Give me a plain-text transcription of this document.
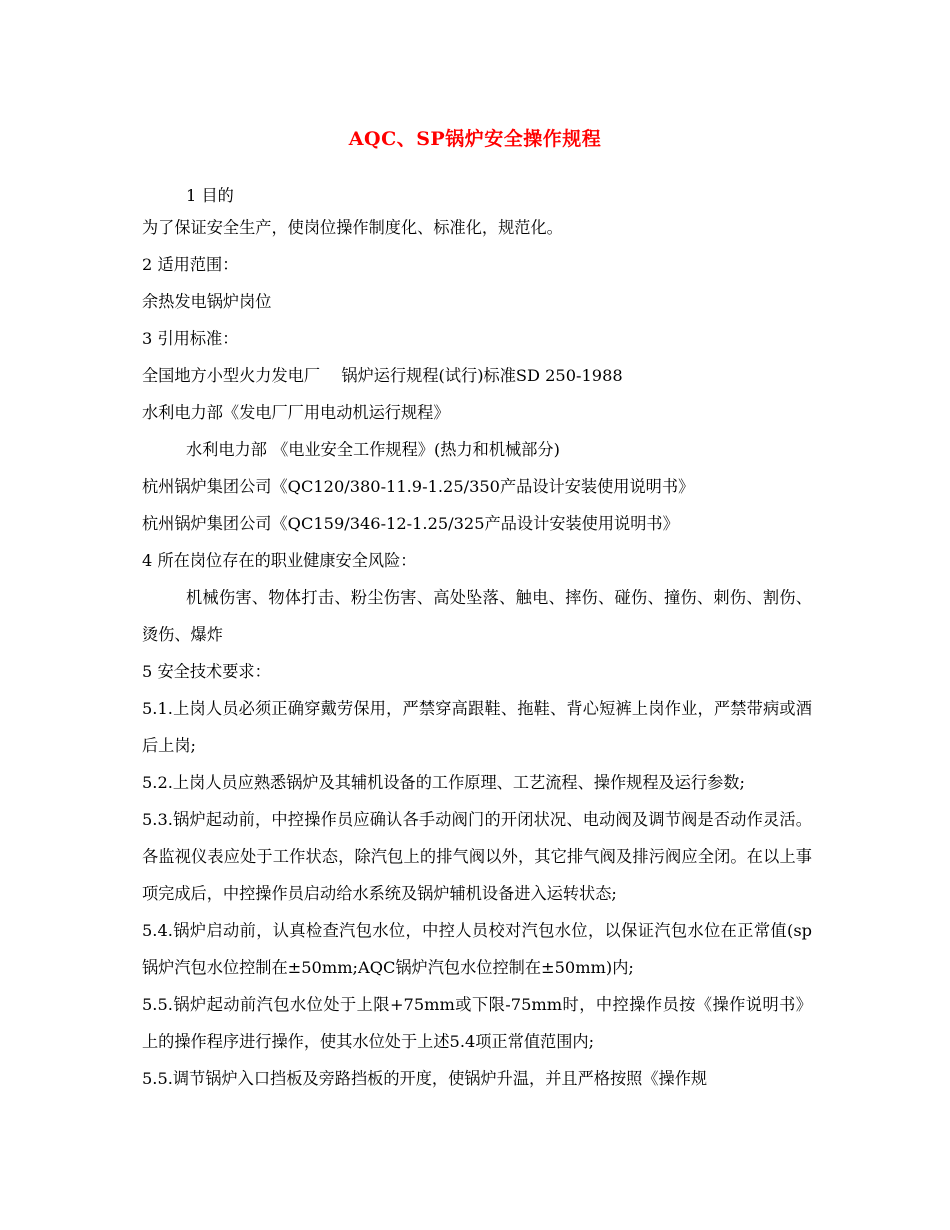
AQC、SP锅炉安全操作规程
1 目的
为了保证安全生产，使岗位操作制度化、标准化，规范化。
2 适用范围：
余热发电锅炉岗位
3 引用标准：
全国地方小型火力发电厂　 锅炉运行规程(试行)标准SD 250-1988
水利电力部《发电厂厂用电动机运行规程》
水利电力部 《电业安全工作规程》(热力和机械部分)
杭州锅炉集团公司《QC120/380-11.9-1.25/350产品设计安装使用说明书》
杭州锅炉集团公司《QC159/346-12-1.25/325产品设计安装使用说明书》
4 所在岗位存在的职业健康安全风险：
机械伤害、物体打击、粉尘伤害、高处坠落、触电、摔伤、碰伤、撞伤、刺伤、割伤、烫伤、爆炸
5 安全技术要求：
5.1.上岗人员必须正确穿戴劳保用，严禁穿高跟鞋、拖鞋、背心短裤上岗作业，严禁带病或酒后上岗;
5.2.上岗人员应熟悉锅炉及其辅机设备的工作原理、工艺流程、操作规程及运行参数;
5.3.锅炉起动前，中控操作员应确认各手动阀门的开闭状况、电动阀及调节阀是否动作灵活。各监视仪表应处于工作状态，除汽包上的排气阀以外，其它排气阀及排污阀应全闭。在以上事项完成后，中控操作员启动给水系统及锅炉辅机设备进入运转状态;
5.4.锅炉启动前，认真检查汽包水位，中控人员校对汽包水位，以保证汽包水位在正常值(sp锅炉汽包水位控制在±50mm;AQC锅炉汽包水位控制在±50mm)内;
5.5.锅炉起动前汽包水位处于上限+75mm或下限-75mm时，中控操作员按《操作说明书》上的操作程序进行操作，使其水位处于上述5.4项正常值范围内;
5.5.调节锅炉入口挡板及旁路挡板的开度，使锅炉升温，并且严格按照《操作规
